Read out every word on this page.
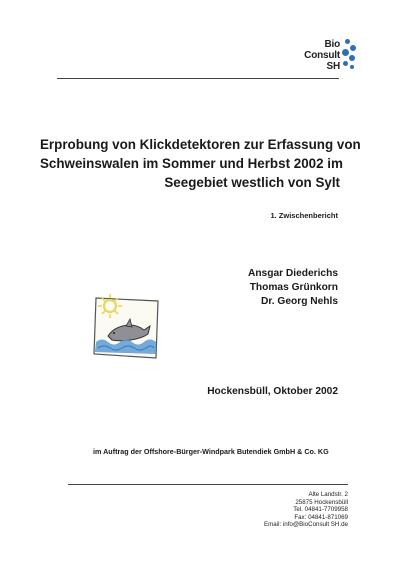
Bio
Consult
SH
Erprobung von Klickdetektoren zur Erfassung von
Schweinswalen im Sommer und Herbst 2002 im
Seegebiet westlich von Sylt
1. Zwischenbericht
Ansgar Diederichs
Thomas Grünkorn
Dr. Georg Nehls
Hockensbüll, Oktober 2002
im Auftrag der Offshore-Bürger-Windpark Butendiek GmbH & Co. KG
Alte Landstr. 2
25875 Hockensbüll
Tel. 04841-7709958
Fax: 04841-871069
Email: info@BioConsult SH.de
